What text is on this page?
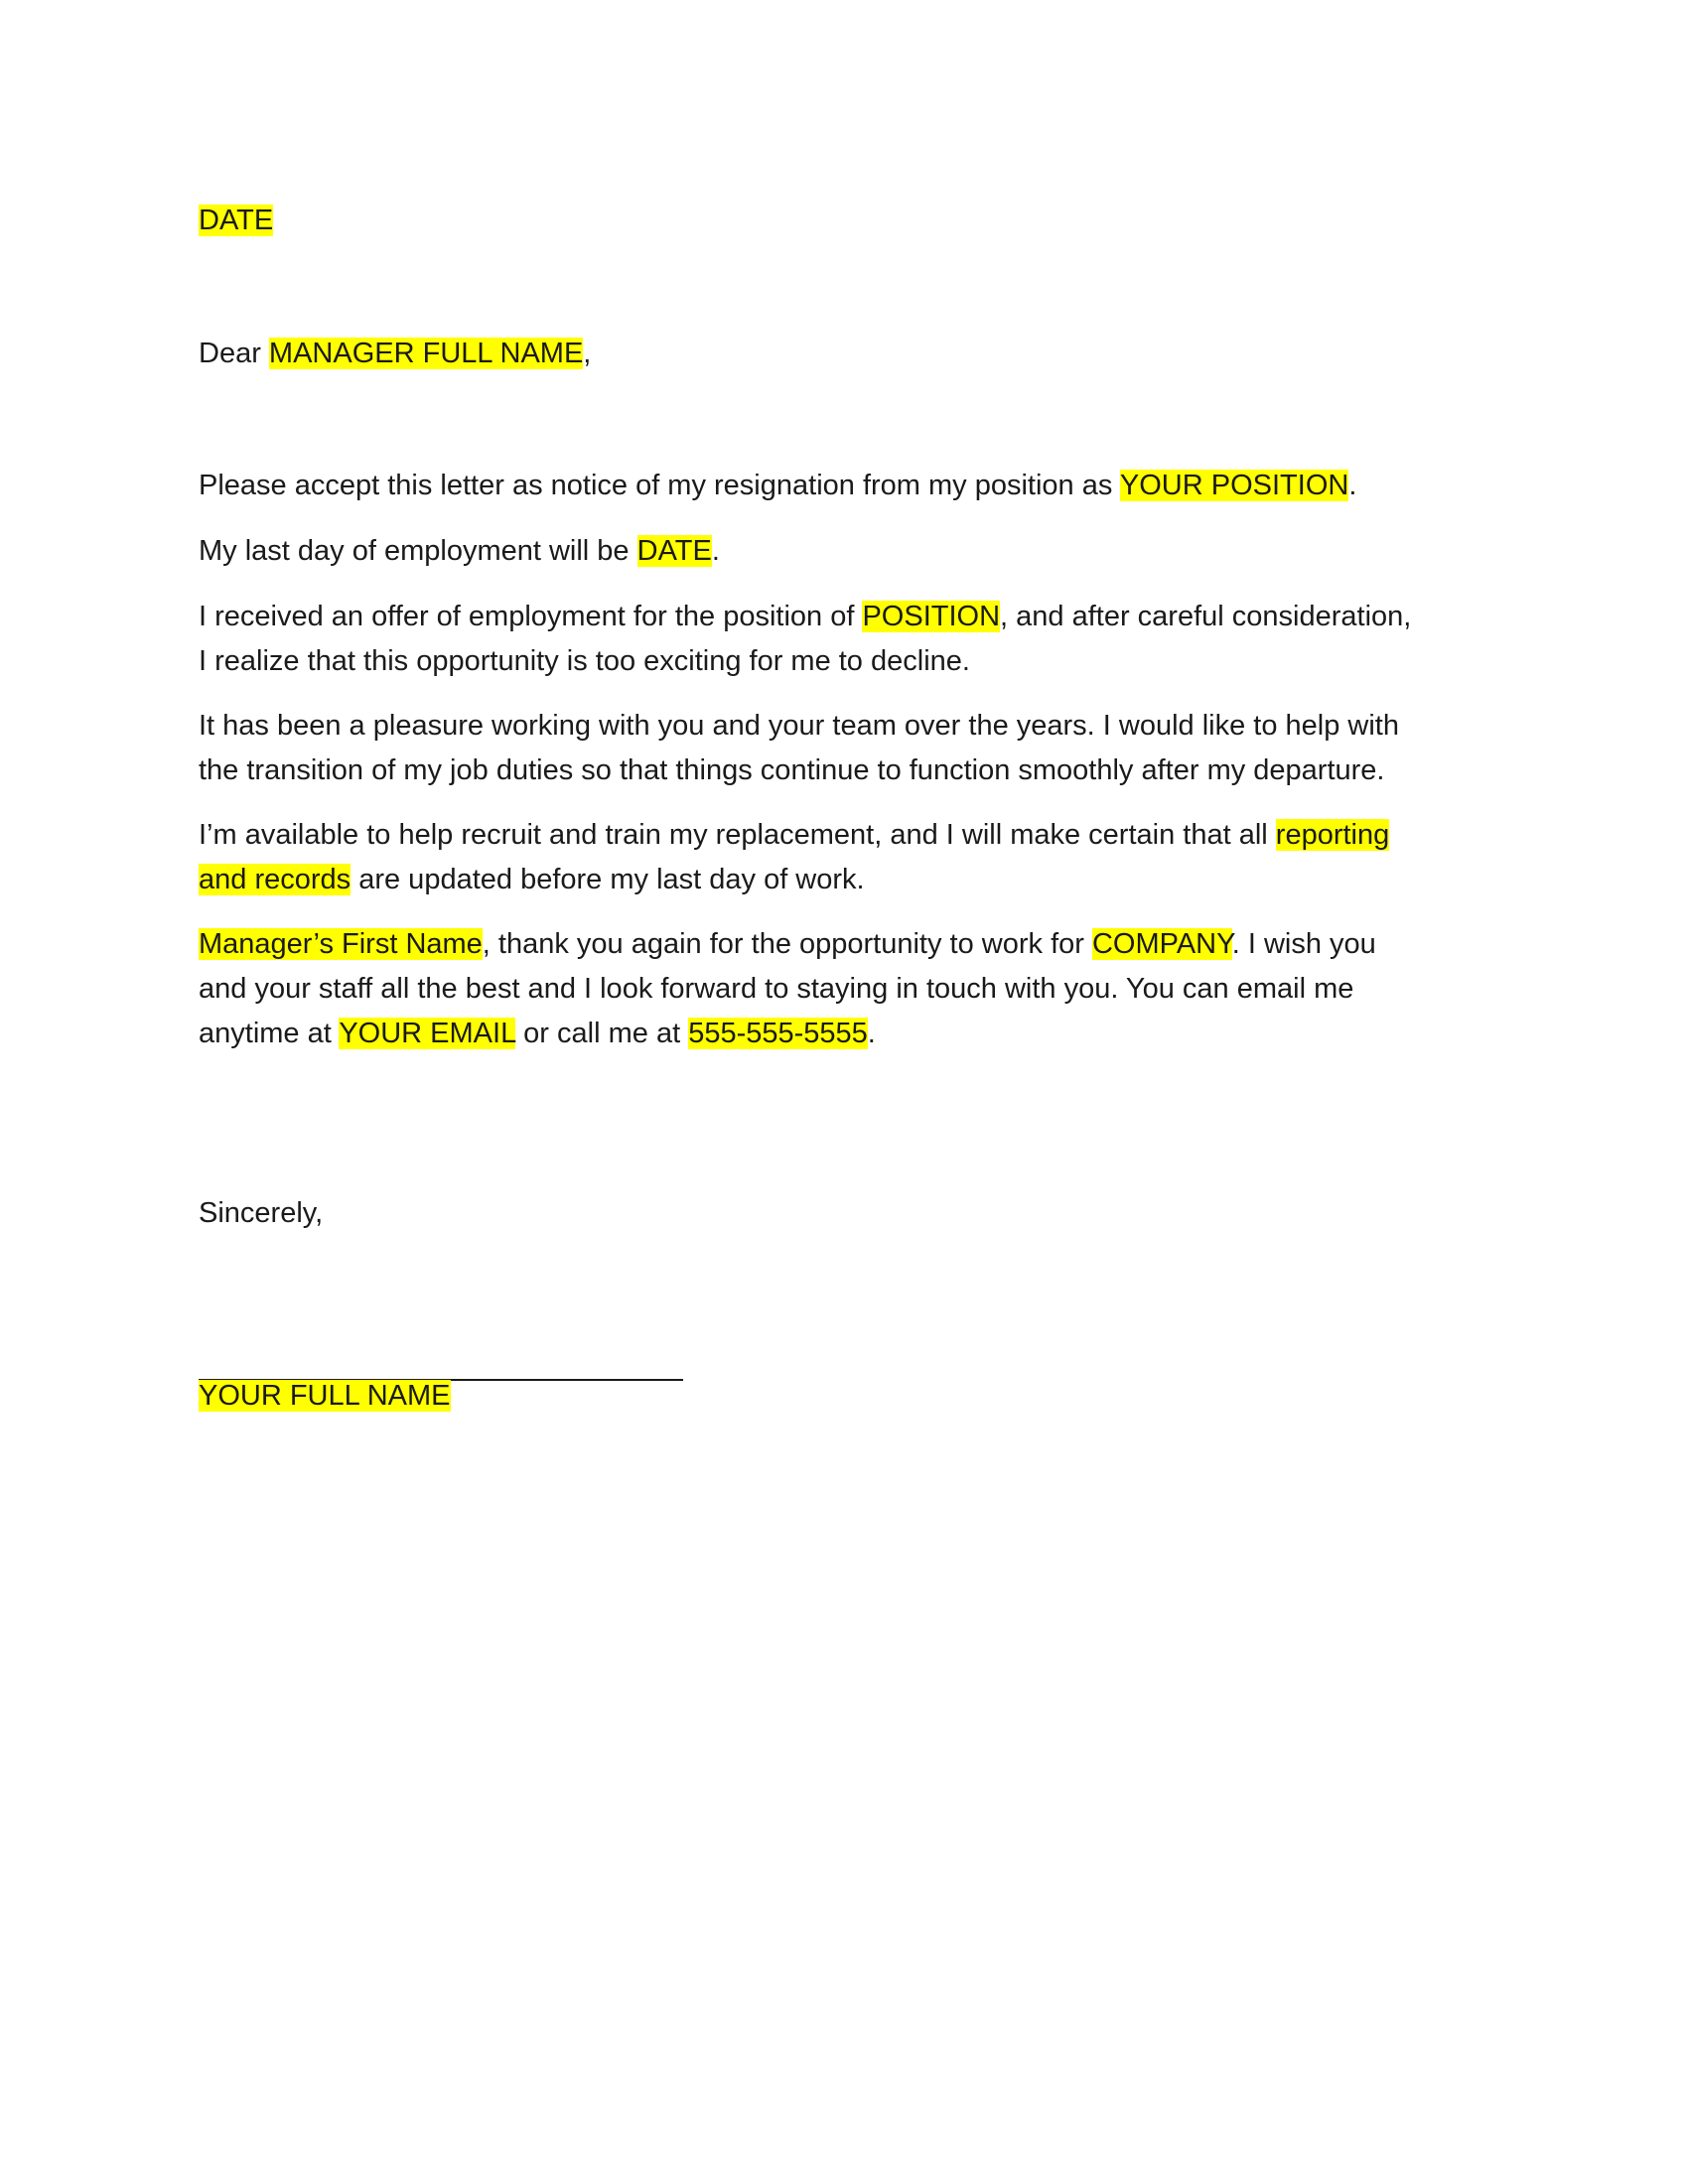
DATE
Dear MANAGER FULL NAME,
Please accept this letter as notice of my resignation from my position as YOUR POSITION.
My last day of employment will be DATE.
I received an offer of employment for the position of POSITION, and after careful consideration,
I realize that this opportunity is too exciting for me to decline.
It has been a pleasure working with you and your team over the years. I would like to help with
the transition of my job duties so that things continue to function smoothly after my departure.
I’m available to help recruit and train my replacement, and I will make certain that all reporting
and records are updated before my last day of work.
Manager’s First Name, thank you again for the opportunity to work for COMPANY. I wish you
and your staff all the best and I look forward to staying in touch with you. You can email me
anytime at YOUR EMAIL or call me at 555-555-5555.
Sincerely,
YOUR FULL NAME
